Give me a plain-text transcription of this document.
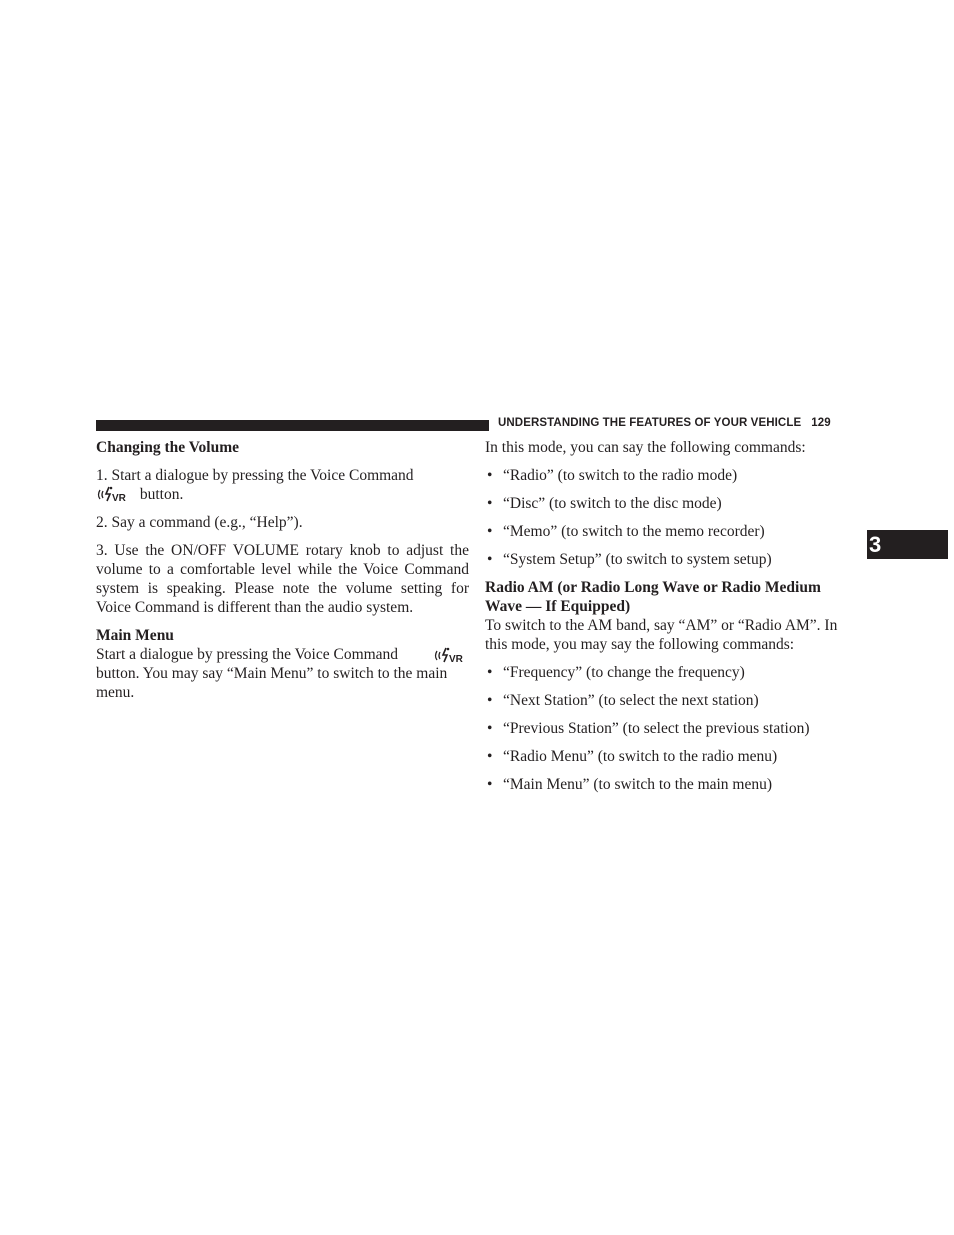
UNDERSTANDING THE FEATURES OF YOUR VEHICLE 129
3

Changing the Volume

1. Start a dialogue by pressing the Voice Command

VR button.

2. Say a command (e.g., “Help”).

3. Use the ON/OFF VOLUME rotary knob to adjust the volume to a comfortable level while the Voice Command system is speaking. Please note the volume setting for Voice Command is different than the audio system.

Main Menu

Start a dialogue by pressing the Voice Command	VR

button. You may say “Main Menu” to switch to the main menu.

In this mode, you can say the following commands:

• “Radio” (to switch to the radio mode)
• “Disc” (to switch to the disc mode)
• “Memo” (to switch to the memo recorder)
• “System Setup” (to switch to system setup)

Radio AM (or Radio Long Wave or Radio Medium Wave — If Equipped)

To switch to the AM band, say “AM” or “Radio AM”. In this mode, you may say the following commands:

• “Frequency” (to change the frequency)
• “Next Station” (to select the next station)
• “Previous Station” (to select the previous station)
• “Radio Menu” (to switch to the radio menu)
• “Main Menu” (to switch to the main menu)
